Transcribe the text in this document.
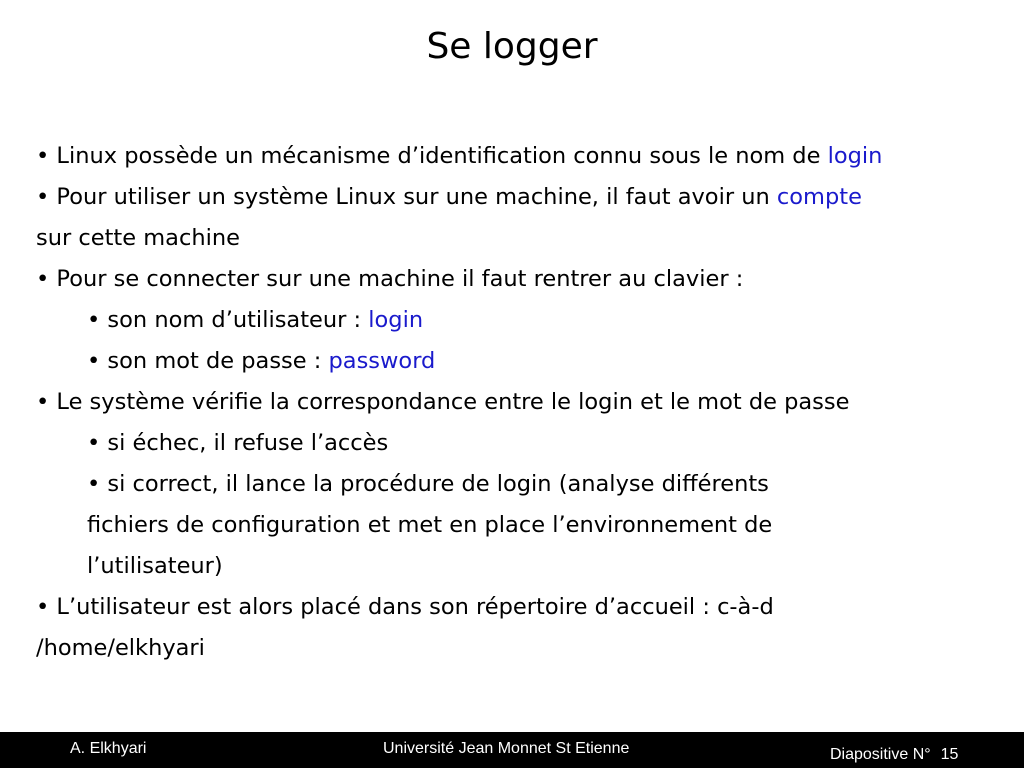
Se logger
• Linux possède un mécanisme d’identification connu sous le nom de login
• Pour utiliser un système Linux sur une machine, il faut avoir un compte
sur cette machine
• Pour se connecter sur une machine il faut rentrer au clavier :
• son nom d’utilisateur : login
• son mot de passe : password
• Le système vérifie la correspondance entre le login et le mot de passe
• si échec, il refuse l’accès
• si correct, il lance la procédure de login (analyse différents
fichiers de configuration et met en place l’environnement de
l’utilisateur)
• L’utilisateur est alors placé dans son répertoire d’accueil : c-à-d
/home/elkhyari
A. Elkhyari	Université Jean Monnet St Etienne	Diapositive N° 15
